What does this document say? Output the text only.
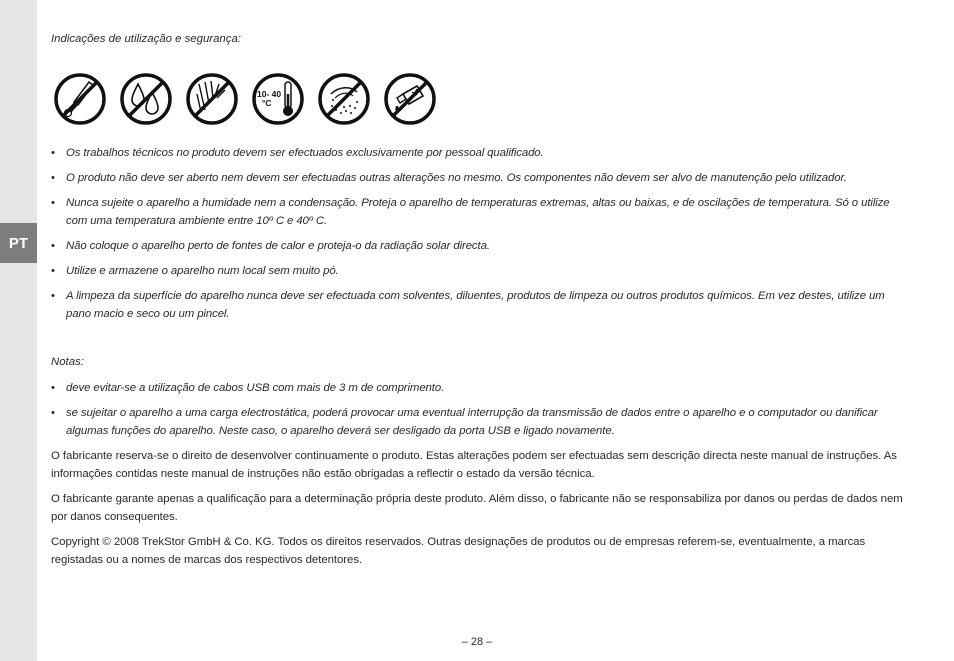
PT

Indicações de utilização e segurança:

10- 40
°C
• Os trabalhos técnicos no produto devem ser efectuados exclusivamente por pessoal qualificado.
• O produto não deve ser aberto nem devem ser efectuadas outras alterações no mesmo. Os componentes não devem ser alvo de manutenção pelo utilizador.
• Nunca sujeite o aparelho a humidade nem a condensação. Proteja o aparelho de temperaturas extremas, altas ou baixas, e de oscilações de temperatura. Só o utilize com uma temperatura ambiente entre 10º C e 40º C.
• Não coloque o aparelho perto de fontes de calor e proteja-o da radiação solar directa.
• Utilize e armazene o aparelho num local sem muito pó.
• A limpeza da superfície do aparelho nunca deve ser efectuada com solventes, diluentes, produtos de limpeza ou outros produtos químicos. Em vez destes, utilize um pano macio e seco ou um pincel.

Notas:

• deve evitar-se a utilização de cabos USB com mais de 3 m de comprimento.
• se sujeitar o aparelho a uma carga electrostática, poderá provocar uma eventual interrupção da transmissão de dados entre o aparelho e o computador ou danificar algumas funções do aparelho. Neste caso, o aparelho deverá ser desligado da porta USB e ligado novamente.

O fabricante reserva-se o direito de desenvolver continuamente o produto. Estas alterações podem ser efectuadas sem descrição directa neste manual de instruções. As informações contidas neste manual de instruções não estão obrigadas a reflectir o estado da versão técnica.

O fabricante garante apenas a qualificação para a determinação própria deste produto. Além disso, o fabricante não se responsabiliza por danos ou perdas de dados nem por danos consequentes.

Copyright © 2008 TrekStor GmbH & Co. KG. Todos os direitos reservados. Outras designações de produtos ou de empresas referem-se, eventualmente, a marcas registadas ou a nomes de marcas dos respectivos detentores.

– 28 –
